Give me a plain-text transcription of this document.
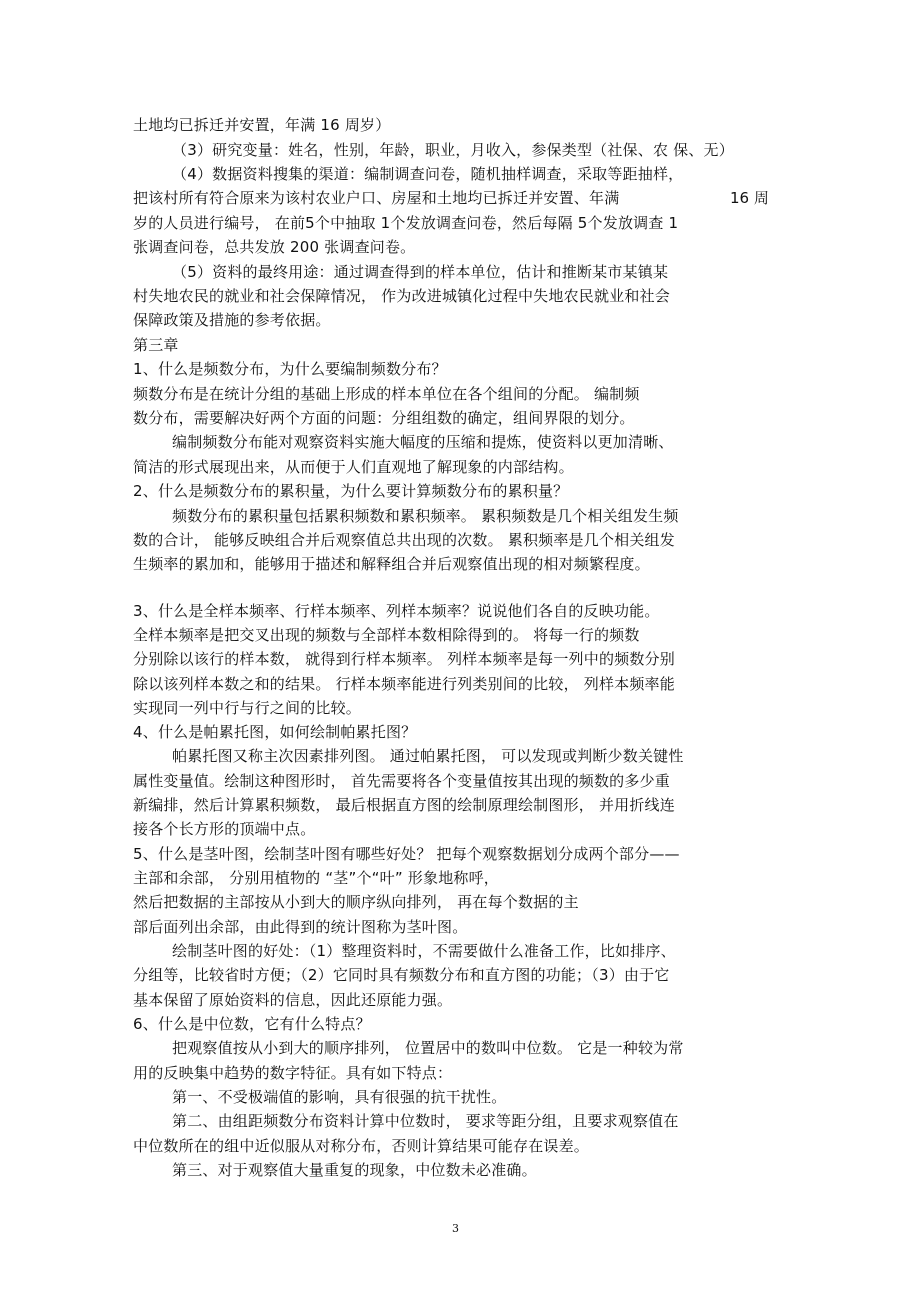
土地均已拆迁并安置，年满 16 周岁）
（3）研究变量：姓名，性别，年龄，职业，月收入，参保类型（社保、农 保、无）
（4）数据资料搜集的渠道：编制调查问卷，随机抽样调查，采取等距抽样，
把该村所有符合原来为该村农业户口、房屋和土地均已拆迁并安置、年满	16 周
岁的人员进行编号， 在前5个中抽取 1个发放调查问卷，然后每隔 5个发放调查 1
张调查问卷，总共发放 200 张调查问卷。
（5）资料的最终用途：通过调查得到的样本单位，估计和推断某市某镇某
村失地农民的就业和社会保障情况， 作为改进城镇化过程中失地农民就业和社会
保障政策及措施的参考依据。
第三章
1、什么是频数分布，为什么要编制频数分布？
频数分布是在统计分组的基础上形成的样本单位在各个组间的分配。 编制频
数分布，需要解决好两个方面的问题：分组组数的确定，组间界限的划分。
编制频数分布能对观察资料实施大幅度的压缩和提炼，使资料以更加清晰、
简洁的形式展现出来，从而便于人们直观地了解现象的内部结构。
2、什么是频数分布的累积量，为什么要计算频数分布的累积量？
频数分布的累积量包括累积频数和累积频率。 累积频数是几个相关组发生频
数的合计， 能够反映组合并后观察值总共出现的次数。 累积频率是几个相关组发
生频率的累加和，能够用于描述和解释组合并后观察值出现的相对频繁程度。
3、什么是全样本频率、行样本频率、列样本频率？说说他们各自的反映功能。
全样本频率是把交叉出现的频数与全部样本数相除得到的。 将每一行的频数
分别除以该行的样本数， 就得到行样本频率。 列样本频率是每一列中的频数分别
除以该列样本数之和的结果。 行样本频率能进行列类别间的比较， 列样本频率能
实现同一列中行与行之间的比较。
4、什么是帕累托图，如何绘制帕累托图？
帕累托图又称主次因素排列图。 通过帕累托图， 可以发现或判断少数关键性
属性变量值。绘制这种图形时， 首先需要将各个变量值按其出现的频数的多少重
新编排，然后计算累积频数， 最后根据直方图的绘制原理绘制图形， 并用折线连
接各个长方形的顶端中点。
5、什么是茎叶图，绘制茎叶图有哪些好处？ 把每个观察数据划分成两个部分——
主部和余部， 分别用植物的 “茎”个“叶” 形象地称呼，
然后把数据的主部按从小到大的顺序纵向排列， 再在每个数据的主
部后面列出余部，由此得到的统计图称为茎叶图。
绘制茎叶图的好处：（1）整理资料时，不需要做什么准备工作，比如排序、
分组等，比较省时方便；（2）它同时具有频数分布和直方图的功能；（3）由于它
基本保留了原始资料的信息，因此还原能力强。
6、什么是中位数，它有什么特点？
把观察值按从小到大的顺序排列， 位置居中的数叫中位数。 它是一种较为常
用的反映集中趋势的数字特征。具有如下特点：
第一、不受极端值的影响，具有很强的抗干扰性。
第二、由组距频数分布资料计算中位数时， 要求等距分组，且要求观察值在
中位数所在的组中近似服从对称分布，否则计算结果可能存在误差。
第三、对于观察值大量重复的现象，中位数未必准确。
3
